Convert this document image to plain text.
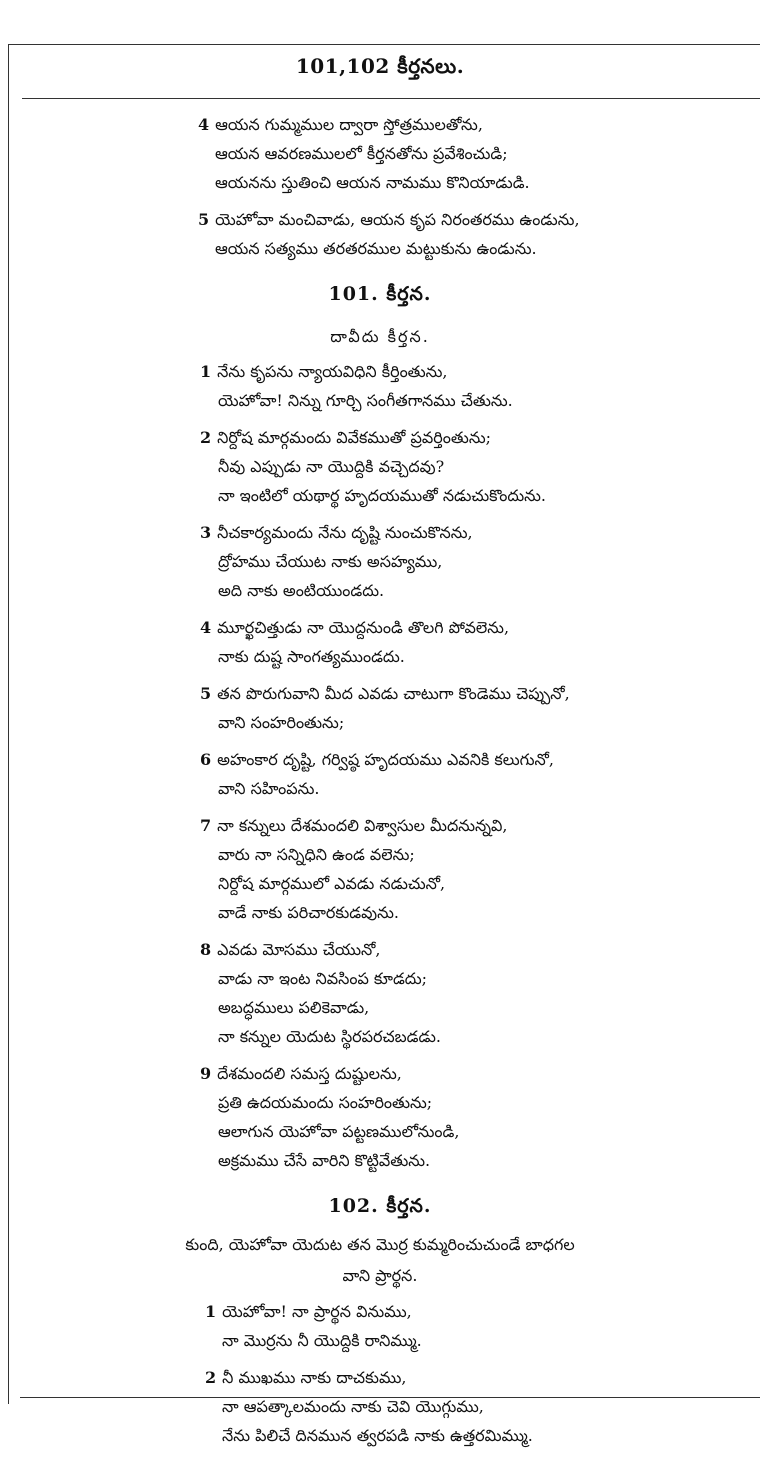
101,102 కీర్తనలు.
4 ఆయన గుమ్మముల ద్వారా స్తోత్రములతోను,
ఆయన ఆవరణములలో కీర్తనతోను ప్రవేశించుడి;
ఆయనను స్తుతించి ఆయన నామము కొనియాడుడి.
5 యెహోవా మంచివాడు, ఆయన కృప నిరంతరము ఉండును,
ఆయన సత్యము తరతరముల మట్టుకును ఉండును.
101. కీర్తన.
దావీదు కీర్తన.
1 నేను కృపను న్యాయవిధిని కీర్తింతును,
యెహోవా! నిన్ను గూర్చి సంగీతగానము చేతును.
2 నిర్దోష మార్గమందు వివేకముతో ప్రవర్తింతును;
నీవు ఎప్పుడు నా యొద్దికి వచ్చెదవు?
నా ఇంటిలో యథార్థ హృదయముతో నడుచుకొందును.
3 నీచకార్యమందు నేను దృష్టి నుంచుకొనను,
ద్రోహము చేయుట నాకు అసహ్యము,
అది నాకు అంటియుండదు.
4 మూర్ఖచిత్తుడు నా యొద్దనుండి తొలగి పోవలెను,
నాకు దుష్ట సాంగత్యముండదు.
5 తన పొరుగువాని మీద ఎవడు చాటుగా కొండెము చెప్పునో,
వాని సంహరింతును;
6 అహంకార దృష్టి, గర్విష్ఠ హృదయము ఎవనికి కలుగునో,
వాని సహింపను.
7 నా కన్నులు దేశమందలి విశ్వాసుల మీదనున్నవి,
వారు నా సన్నిధిని ఉండ వలెను;
నిర్దోష మార్గములో ఎవడు నడుచునో,
వాడే నాకు పరిచారకుడవును.
8 ఎవడు మోసము చేయునో,
వాడు నా ఇంట నివసింప కూడదు;
అబద్ధములు పలికెవాడు,
నా కన్నుల యెదుట స్థిరపరచబడడు.
9 దేశమందలి సమస్త దుష్టులను,
ప్రతి ఉదయమందు సంహరింతును;
ఆలాగున యెహోవా పట్టణములోనుండి,
అక్రమము చేసే వారిని కొట్టివేతును.
102. కీర్తన.
కుంది, యెహోవా యెదుట తన మొర్ర కుమ్మరించుచుండే బాధగల
వాని ప్రార్థన.
1 యెహోవా! నా ప్రార్థన వినుము,
నా మొర్రను నీ యొద్దికి రానిమ్ము.
2 నీ ముఖము నాకు దాచకుము,
నా ఆపత్కాలమందు నాకు చెవి యొగ్గుము,
నేను పిలిచే దినమున త్వరపడి నాకు ఉత్తరమిమ్ము.
